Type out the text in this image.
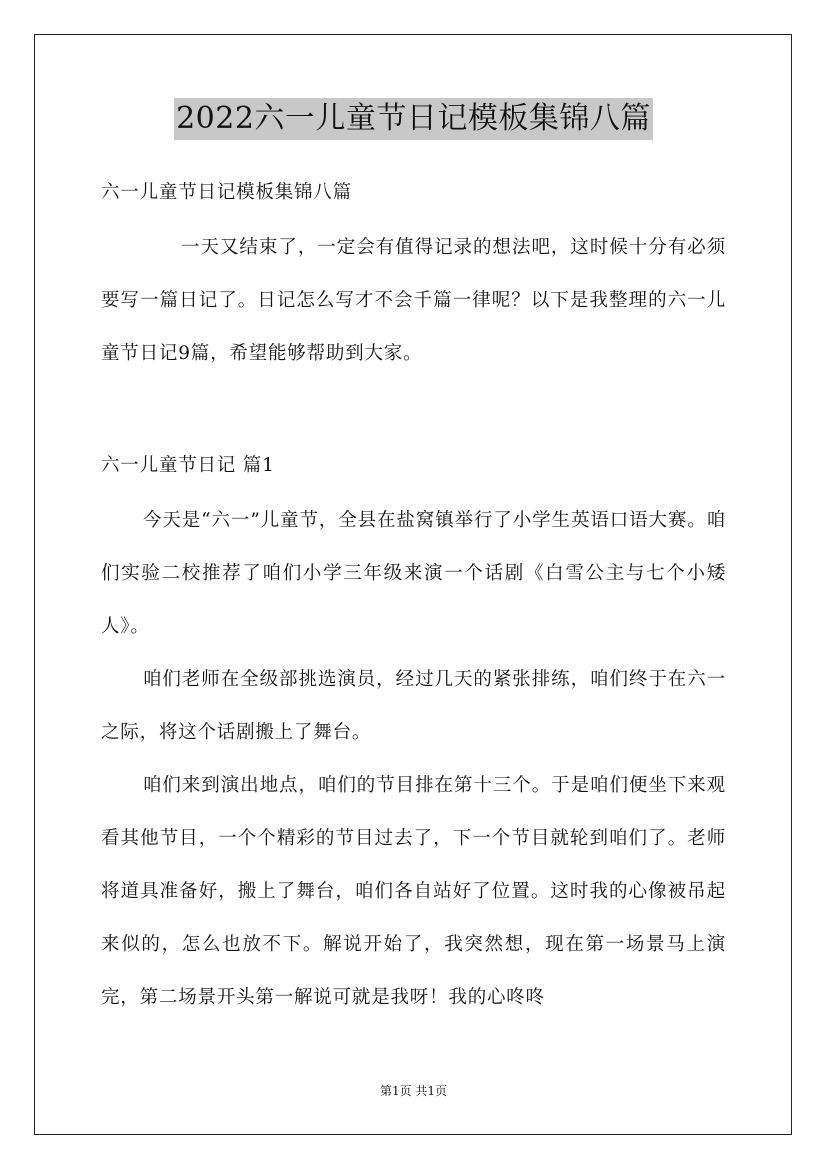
2022六一儿童节日记模板集锦八篇
六一儿童节日记模板集锦八篇

一天又结束了，一定会有值得记录的想法吧，这时候十分有必须要写一篇日记了。日记怎么写才不会千篇一律呢？以下是我整理的六一儿童节日记9篇，希望能够帮助到大家。

六一儿童节日记 篇1

今天是“六一”儿童节，全县在盐窝镇举行了小学生英语口语大赛。咱们实验二校推荐了咱们小学三年级来演一个话剧《白雪公主与七个小矮人》。

咱们老师在全级部挑选演员，经过几天的紧张排练，咱们终于在六一之际，将这个话剧搬上了舞台。

咱们来到演出地点，咱们的节目排在第十三个。于是咱们便坐下来观看其他节目，一个个精彩的节目过去了，下一个节目就轮到咱们了。老师将道具准备好，搬上了舞台，咱们各自站好了位置。这时我的心像被吊起来似的，怎么也放不下。解说开始了，我突然想，现在第一场景马上演完，第二场景开头第一解说可就是我呀！我的心咚咚

第1页 共1页
